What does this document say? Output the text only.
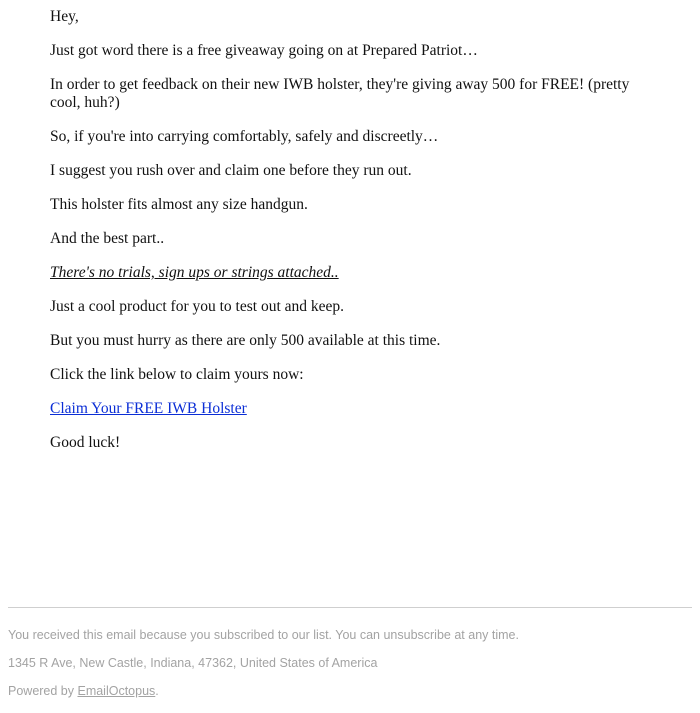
Hey,

Just got word there is a free giveaway going on at Prepared Patriot…

In order to get feedback on their new IWB holster, they're giving away 500 for FREE! (pretty cool, huh?)

So, if you're into carrying comfortably, safely and discreetly…

I suggest you rush over and claim one before they run out.

This holster fits almost any size handgun.

And the best part..

There's no trials, sign ups or strings attached..

Just a cool product for you to test out and keep.

But you must hurry as there are only 500 available at this time.

Click the link below to claim yours now:

Claim Your FREE IWB Holster

Good luck!

You received this email because you subscribed to our list. You can unsubscribe at any time.

1345 R Ave, New Castle, Indiana, 47362, United States of America

Powered by EmailOctopus.
